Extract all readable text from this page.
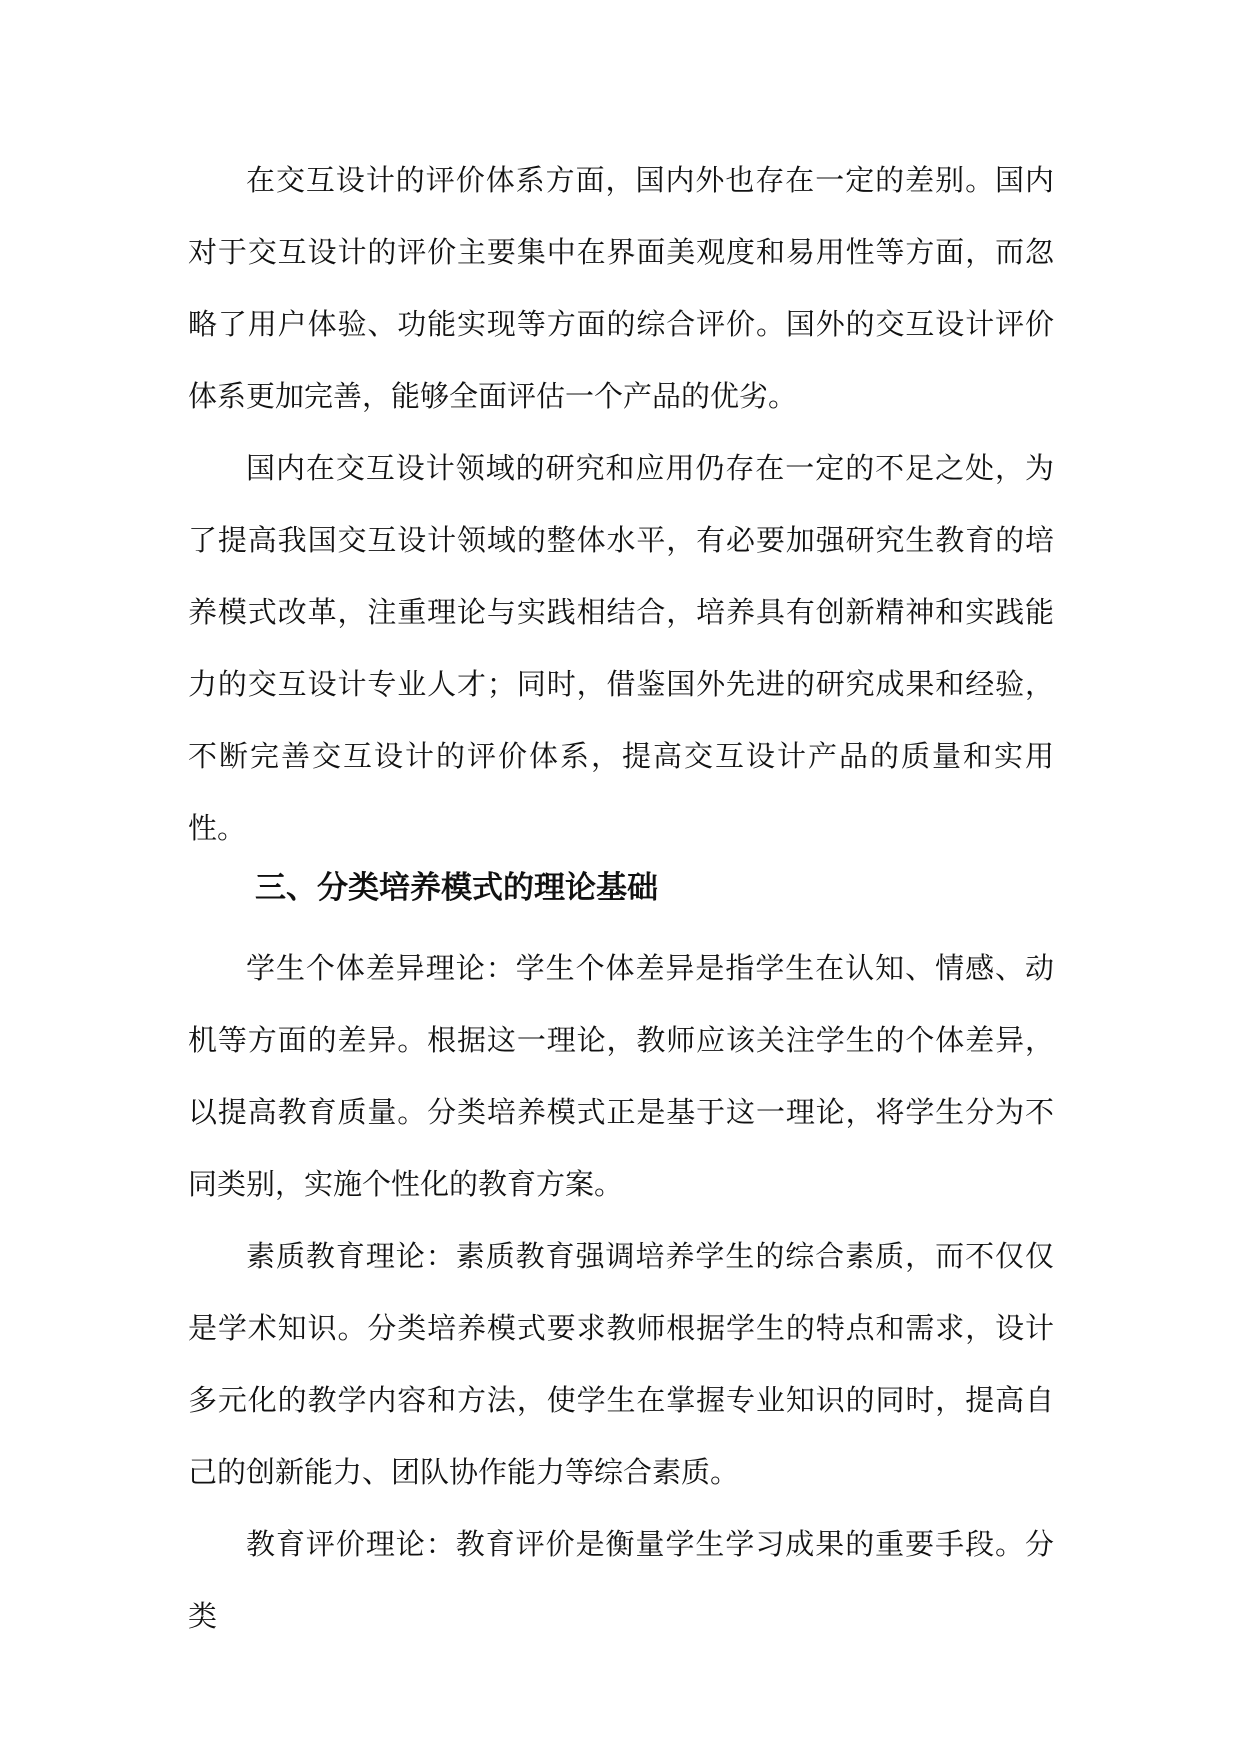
在交互设计的评价体系方面，国内外也存在一定的差别。国内对于交互设计的评价主要集中在界面美观度和易用性等方面，而忽略了用户体验、功能实现等方面的综合评价。国外的交互设计评价体系更加完善，能够全面评估一个产品的优劣。

国内在交互设计领域的研究和应用仍存在一定的不足之处，为了提高我国交互设计领域的整体水平，有必要加强研究生教育的培养模式改革，注重理论与实践相结合，培养具有创新精神和实践能力的交互设计专业人才；同时，借鉴国外先进的研究成果和经验，不断完善交互设计的评价体系，提高交互设计产品的质量和实用性。

三、分类培养模式的理论基础

学生个体差异理论：学生个体差异是指学生在认知、情感、动机等方面的差异。根据这一理论，教师应该关注学生的个体差异，以提高教育质量。分类培养模式正是基于这一理论，将学生分为不同类别，实施个性化的教育方案。

素质教育理论：素质教育强调培养学生的综合素质，而不仅仅是学术知识。分类培养模式要求教师根据学生的特点和需求，设计多元化的教学内容和方法，使学生在掌握专业知识的同时，提高自己的创新能力、团队协作能力等综合素质。

教育评价理论：教育评价是衡量学生学习成果的重要手段。分类
